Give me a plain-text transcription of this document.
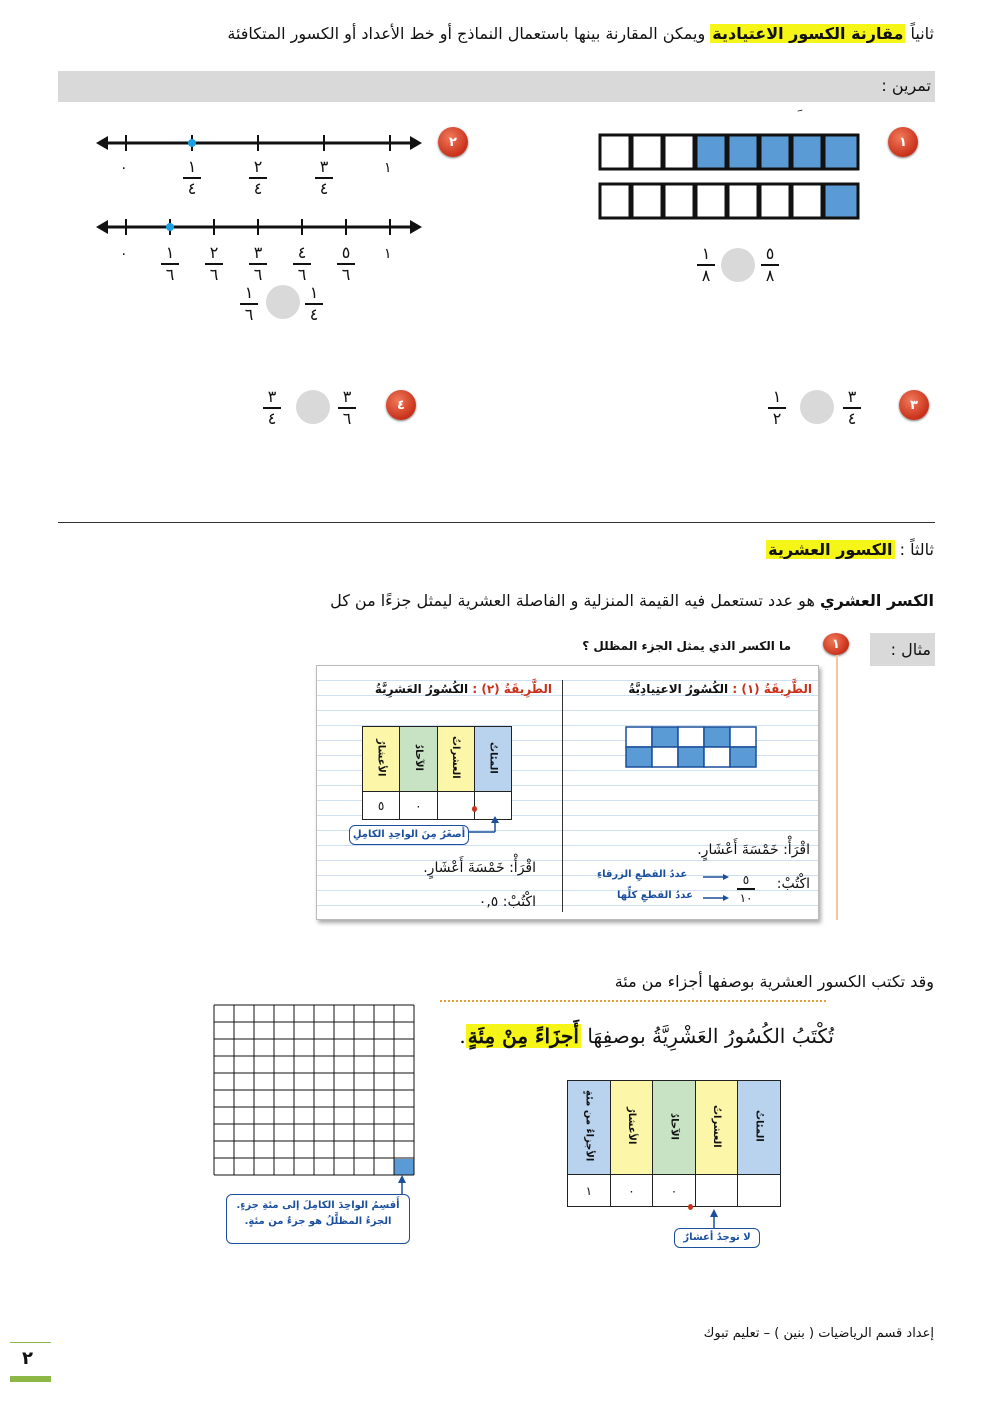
ثانياً مقارنة الكسور الاعتيادية ويمكن المقارنة بينها باستعمال النماذج أو خط الأعداد أو الكسور المتكافئة
تمرين :
١
٥
٨
١
٨
٢
٠	١
٤
٢
٤
٣
٤
١
٠ ١
٦
٢
٦
٣
٦
٤
٦
٥
٦
١
١
٤
١
٦
٣
٣
٤
١
٢
٤
٣
٦
٣
٤
ثالثاً : الكسور العشرية
الكسر العشري هو عدد تستعمل فيه القيمة المنزلية و الفاصلة العشرية ليمثل جزءًا من كل
مثال :
١
ما الكسر الذي يمثل الجزء المظلل ؟
الطَّرِيقَةُ (١) : الكُسُورُ الاعتِيادِيَّةُ
اقْرَأْ: خَمْسَةَ أَعْشَارٍ.
اكْتُبْ:
٥
١٠
عددُ القطعِ الزرقاءِ
عددُ القطعِ كلِّها
الطَّرِيقَةُ (٢) : الكُسُورُ العَشرِيَّةُ
المئاتُ	العشراتُ	الآحادُ	الأعشارُ
		٠	٥
أَصغَرُ مِنَ الواحِدِ الكامِلِ
اقْرَأْ: خَمْسَةَ أَعْشَارٍ.
اكْتُبْ: ٠,٥
وقد تكتب الكسور العشرية بوصفها أجزاء من مئة
تُكْتَبُ الكُسُورُ العَشْرِيَّةُ بوصفِهَا أَجزَاءً مِنْ مِئَةٍ.
المئاتُ	العشراتُ	الآحادُ	الأعشارُ	الأجزاءُ من مئةٍ
		٠	٠	١
لا توجدُ أعشارٌ
أَقسِمُ الواحِدَ الكامِلَ إلى مئةِ جزءٍ.
الجزءُ المظلَّلُ هو جزءٌ من مئةٍ.
إعداد قسم الرياضيات ( بنين ) – تعليم تبوك
٢
